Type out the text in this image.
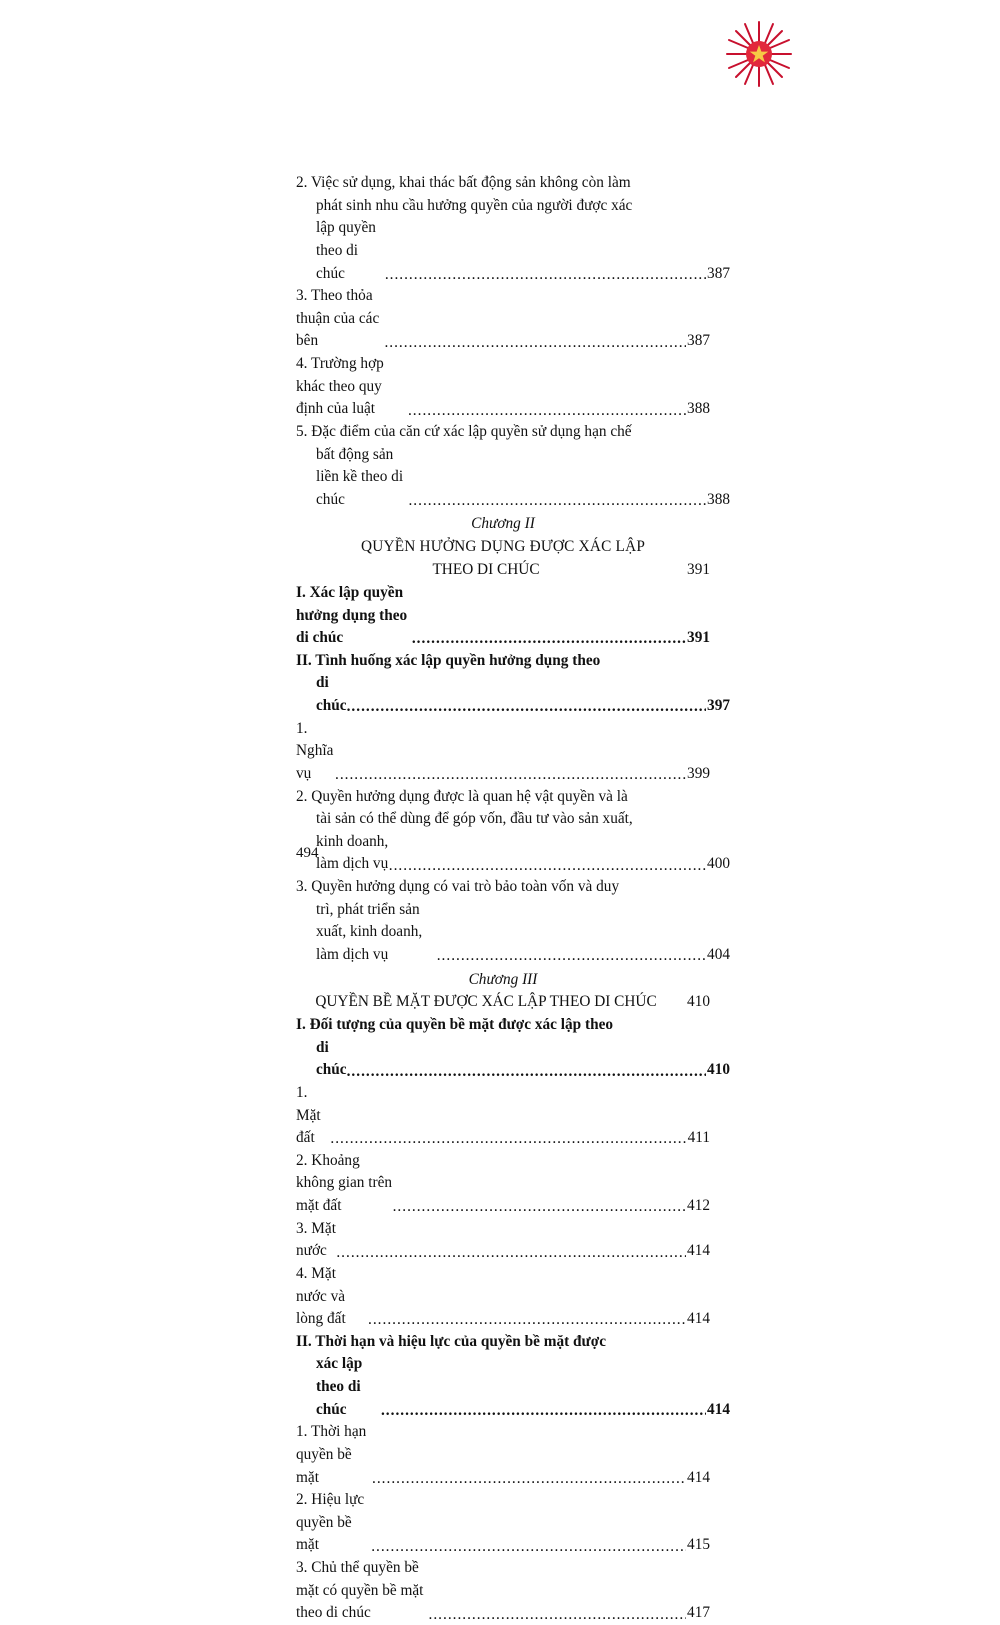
2. Việc sử dụng, khai thác bất động sản không còn làm
phát sinh nhu cầu hưởng quyền của người được xác
lập quyền theo di chúc .....	387
3. Theo thỏa thuận của các bên .....	387
4. Trường hợp khác theo quy định của luật .....	388
5. Đặc điểm của căn cứ xác lập quyền sử dụng hạn chế
bất động sản liền kề theo di chúc .....	388
Chương II
QUYỀN HƯỞNG DỤNG ĐƯỢC XÁC LẬP
THEO DI CHÚC	391
I. Xác lập quyền hưởng dụng theo di chúc .....	391
II. Tình huống xác lập quyền hưởng dụng theo
di chúc .....	397
1. Nghĩa vụ .....	399
2. Quyền hưởng dụng được là quan hệ vật quyền và là
tài sản có thể dùng để góp vốn, đầu tư vào sản xuất,
kinh doanh, làm dịch vụ .....	400
3. Quyền hưởng dụng có vai trò bảo toàn vốn và duy
trì, phát triển sản xuất, kinh doanh, làm dịch vụ .....	404
Chương III
QUYỀN BỀ MẶT ĐƯỢC XÁC LẬP THEO DI CHÚC	410
I. Đối tượng của quyền bề mặt được xác lập theo
di chúc .....	410
1. Mặt đất .....	411
2. Khoảng không gian trên mặt đất .....	412
3. Mặt nước .....	414
4. Mặt nước và lòng đất .....	414
II. Thời hạn và hiệu lực của quyền bề mặt được
xác lập theo di chúc .....	414
1. Thời hạn quyền bề mặt .....	414
2. Hiệu lực quyền bề mặt .....	415
3. Chủ thể quyền bề mặt có quyền bề mặt theo di chúc .....	417
494
